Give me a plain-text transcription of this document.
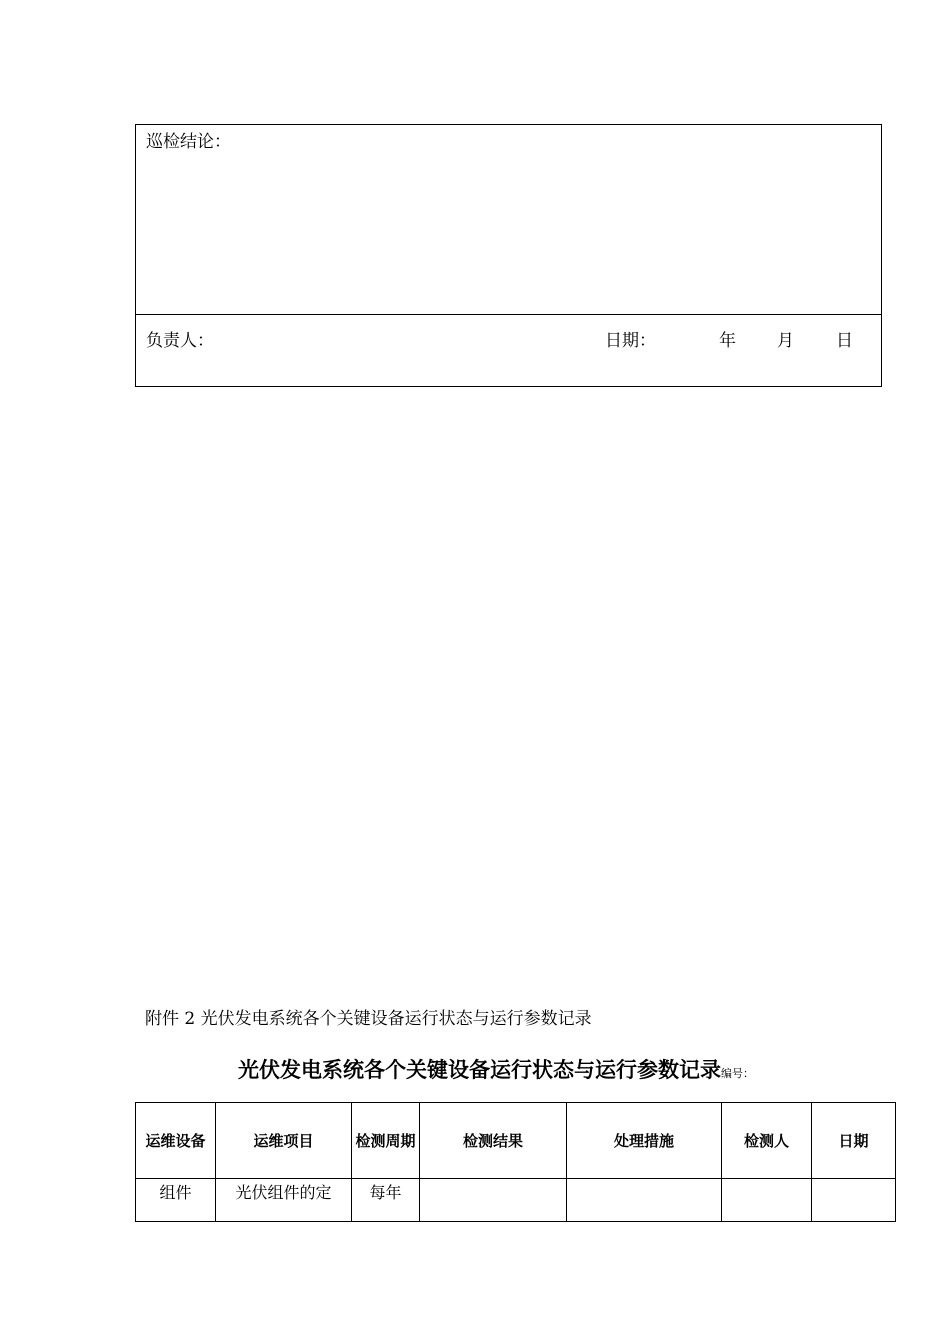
巡检结论：
负责人：	日期：	年 月 日
附件 2 光伏发电系统各个关键设备运行状态与运行参数记录
光伏发电系统各个关键设备运行状态与运行参数记录编号：
运维设备	运维项目	检测周期	检测结果	处理措施	检测人	日期
组件	光伏组件的定	每年				
